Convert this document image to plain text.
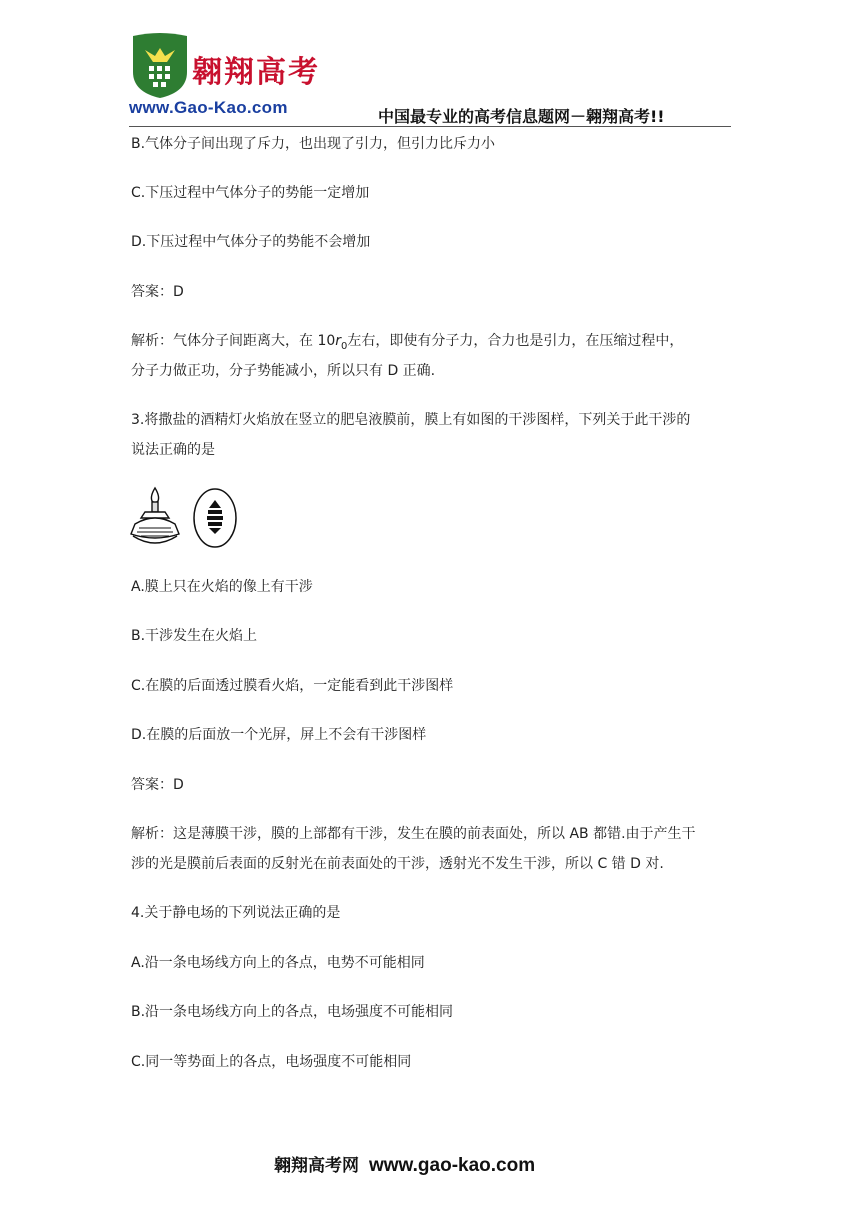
翱翔高考
www.Gao-Kao.com	中国最专业的高考信息题网－翱翔高考!!
B.气体分子间出现了斥力，也出现了引力，但引力比斥力小
C.下压过程中气体分子的势能一定增加
D.下压过程中气体分子的势能不会增加
答案：D
解析：气体分子间距离大，在 $10r_0$左右，即使有分子力，合力也是引力，在压缩过程中，
分子力做正功，分子势能减小，所以只有 D 正确.
3.将撒盐的酒精灯火焰放在竖立的肥皂液膜前，膜上有如图的干涉图样，下列关于此干涉的
说法正确的是
A.膜上只在火焰的像上有干涉
B.干涉发生在火焰上
C.在膜的后面透过膜看火焰，一定能看到此干涉图样
D.在膜的后面放一个光屏，屏上不会有干涉图样
答案：D
解析：这是薄膜干涉，膜的上部都有干涉，发生在膜的前表面处，所以 AB 都错.由于产生干
涉的光是膜前后表面的反射光在前表面处的干涉，透射光不发生干涉，所以 C 错 D 对.
4.关于静电场的下列说法正确的是
A.沿一条电场线方向上的各点，电势不可能相同
B.沿一条电场线方向上的各点，电场强度不可能相同
C.同一等势面上的各点，电场强度不可能相同
翱翔高考网 www.gao-kao.com
